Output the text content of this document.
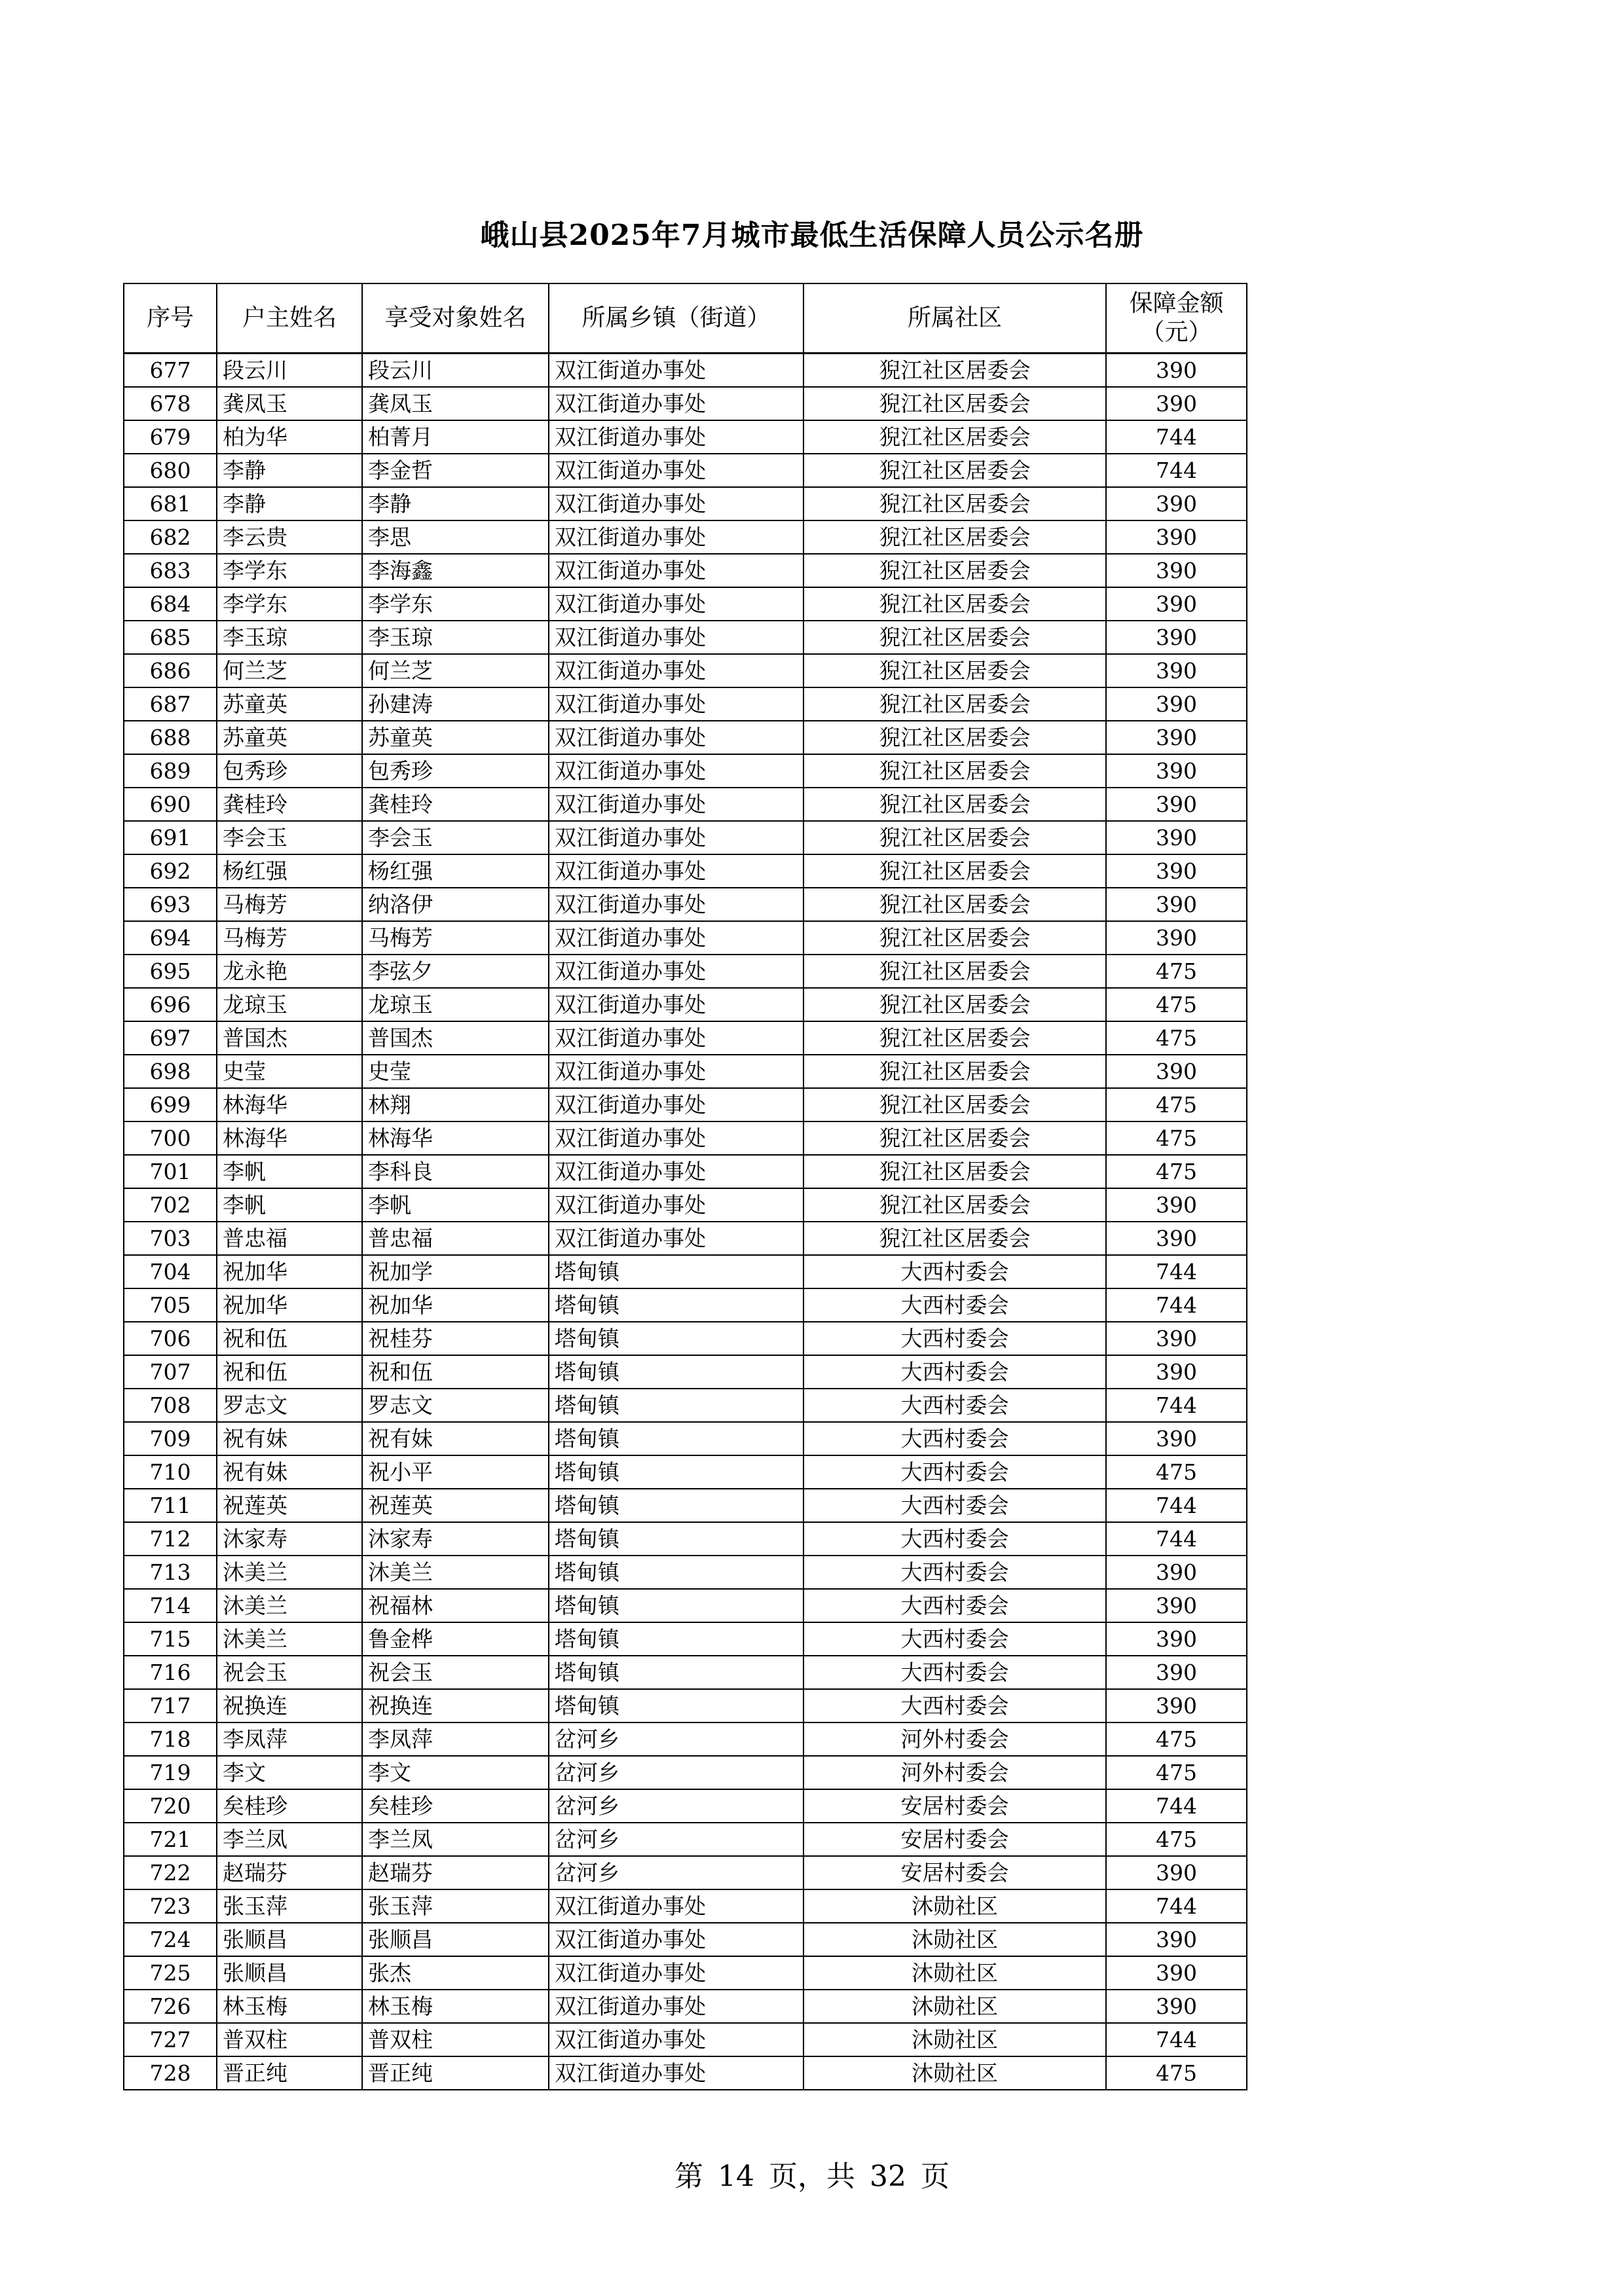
峨山县2025年7月城市最低生活保障人员公示名册
序号	户主姓名	享受对象姓名	所属乡镇（街道）	所属社区	保障金额（元）
677	段云川	段云川	双江街道办事处	猊江社区居委会	390
678	龚凤玉	龚凤玉	双江街道办事处	猊江社区居委会	390
679	柏为华	柏菁月	双江街道办事处	猊江社区居委会	744
680	李静	李金哲	双江街道办事处	猊江社区居委会	744
681	李静	李静	双江街道办事处	猊江社区居委会	390
682	李云贵	李思	双江街道办事处	猊江社区居委会	390
683	李学东	李海鑫	双江街道办事处	猊江社区居委会	390
684	李学东	李学东	双江街道办事处	猊江社区居委会	390
685	李玉琼	李玉琼	双江街道办事处	猊江社区居委会	390
686	何兰芝	何兰芝	双江街道办事处	猊江社区居委会	390
687	苏童英	孙建涛	双江街道办事处	猊江社区居委会	390
688	苏童英	苏童英	双江街道办事处	猊江社区居委会	390
689	包秀珍	包秀珍	双江街道办事处	猊江社区居委会	390
690	龚桂玲	龚桂玲	双江街道办事处	猊江社区居委会	390
691	李会玉	李会玉	双江街道办事处	猊江社区居委会	390
692	杨红强	杨红强	双江街道办事处	猊江社区居委会	390
693	马梅芳	纳洛伊	双江街道办事处	猊江社区居委会	390
694	马梅芳	马梅芳	双江街道办事处	猊江社区居委会	390
695	龙永艳	李弦夕	双江街道办事处	猊江社区居委会	475
696	龙琼玉	龙琼玉	双江街道办事处	猊江社区居委会	475
697	普国杰	普国杰	双江街道办事处	猊江社区居委会	475
698	史莹	史莹	双江街道办事处	猊江社区居委会	390
699	林海华	林翔	双江街道办事处	猊江社区居委会	475
700	林海华	林海华	双江街道办事处	猊江社区居委会	475
701	李帆	李科良	双江街道办事处	猊江社区居委会	475
702	李帆	李帆	双江街道办事处	猊江社区居委会	390
703	普忠福	普忠福	双江街道办事处	猊江社区居委会	390
704	祝加华	祝加学	塔甸镇	大西村委会	744
705	祝加华	祝加华	塔甸镇	大西村委会	744
706	祝和伍	祝桂芬	塔甸镇	大西村委会	390
707	祝和伍	祝和伍	塔甸镇	大西村委会	390
708	罗志文	罗志文	塔甸镇	大西村委会	744
709	祝有妹	祝有妹	塔甸镇	大西村委会	390
710	祝有妹	祝小平	塔甸镇	大西村委会	475
711	祝莲英	祝莲英	塔甸镇	大西村委会	744
712	沐家寿	沐家寿	塔甸镇	大西村委会	744
713	沐美兰	沐美兰	塔甸镇	大西村委会	390
714	沐美兰	祝福林	塔甸镇	大西村委会	390
715	沐美兰	鲁金桦	塔甸镇	大西村委会	390
716	祝会玉	祝会玉	塔甸镇	大西村委会	390
717	祝换连	祝换连	塔甸镇	大西村委会	390
718	李凤萍	李凤萍	岔河乡	河外村委会	475
719	李文	李文	岔河乡	河外村委会	475
720	矣桂珍	矣桂珍	岔河乡	安居村委会	744
721	李兰凤	李兰凤	岔河乡	安居村委会	475
722	赵瑞芬	赵瑞芬	岔河乡	安居村委会	390
723	张玉萍	张玉萍	双江街道办事处	沐勋社区	744
724	张顺昌	张顺昌	双江街道办事处	沐勋社区	390
725	张顺昌	张杰	双江街道办事处	沐勋社区	390
726	林玉梅	林玉梅	双江街道办事处	沐勋社区	390
727	普双柱	普双柱	双江街道办事处	沐勋社区	744
728	晋正纯	晋正纯	双江街道办事处	沐勋社区	475
第 14 页，共 32 页
